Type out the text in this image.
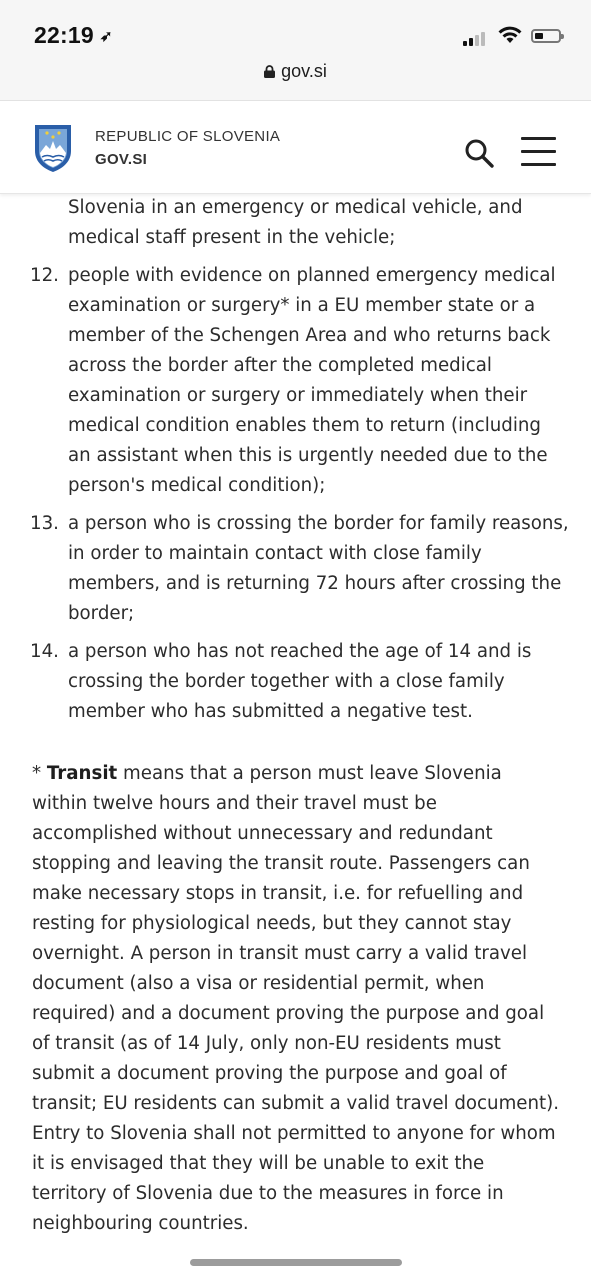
22:19 ➶
gov.si
REPUBLIC OF SLOVENIA
GOV.SI
Slovenia in an emergency or medical vehicle, and medical staff present in the vehicle;
12. people with evidence on planned emergency medical examination or surgery* in a EU member state or a member of the Schengen Area and who returns back across the border after the completed medical examination or surgery or immediately when their medical condition enables them to return (including an assistant when this is urgently needed due to the person's medical condition);
13. a person who is crossing the border for family reasons, in order to maintain contact with close family members, and is returning 72 hours after crossing the border;
14. a person who has not reached the age of 14 and is crossing the border together with a close family member who has submitted a negative test.
* Transit means that a person must leave Slovenia within twelve hours and their travel must be accomplished without unnecessary and redundant stopping and leaving the transit route. Passengers can make necessary stops in transit, i.e. for refuelling and resting for physiological needs, but they cannot stay overnight. A person in transit must carry a valid travel document (also a visa or residential permit, when required) and a document proving the purpose and goal of transit (as of 14 July, only non-EU residents must submit a document proving the purpose and goal of transit; EU residents can submit a valid travel document). Entry to Slovenia shall not permitted to anyone for whom it is envisaged that they will be unable to exit the territory of Slovenia due to the measures in force in neighbouring countries.
